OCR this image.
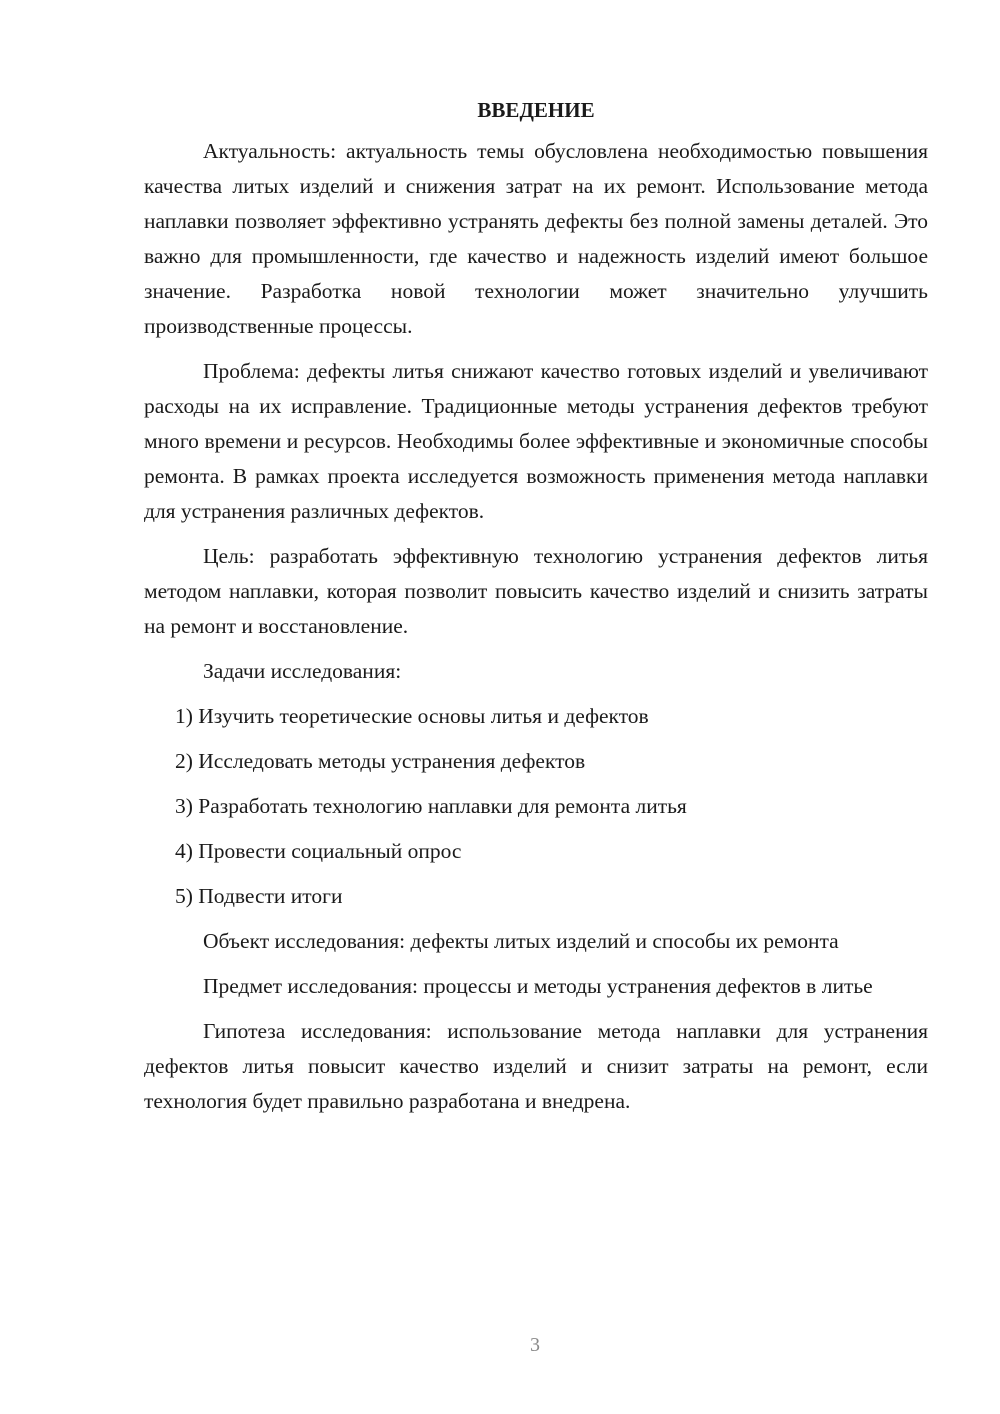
ВВЕДЕНИЕ

Актуальность: актуальность темы обусловлена необходимостью повышения качества литых изделий и снижения затрат на их ремонт. Использование метода наплавки позволяет эффективно устранять дефекты без полной замены деталей. Это важно для промышленности, где качество и надежность изделий имеют большое значение. Разработка новой технологии может значительно улучшить производственные процессы.

Проблема: дефекты литья снижают качество готовых изделий и увеличивают расходы на их исправление. Традиционные методы устранения дефектов требуют много времени и ресурсов. Необходимы более эффективные и экономичные способы ремонта. В рамках проекта исследуется возможность применения метода наплавки для устранения различных дефектов.

Цель: разработать эффективную технологию устранения дефектов литья методом наплавки, которая позволит повысить качество изделий и снизить затраты на ремонт и восстановление.

Задачи исследования:

1) Изучить теоретические основы литья и дефектов

2) Исследовать методы устранения дефектов

3) Разработать технологию наплавки для ремонта литья

4) Провести социальный опрос

5) Подвести итоги

Объект исследования: дефекты литых изделий и способы их ремонта

Предмет исследования: процессы и методы устранения дефектов в литье

Гипотеза исследования: использование метода наплавки для устранения дефектов литья повысит качество изделий и снизит затраты на ремонт, если технология будет правильно разработана и внедрена.

3
